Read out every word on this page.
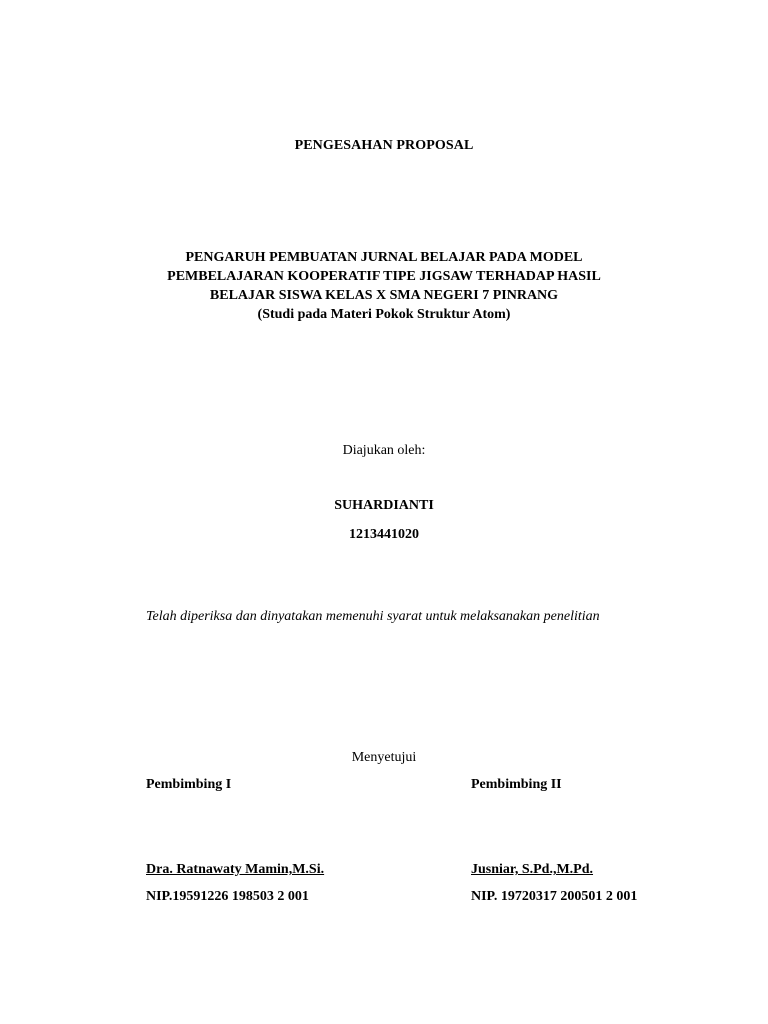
PENGESAHAN PROPOSAL
PENGARUH PEMBUATAN JURNAL BELAJAR PADA MODEL
PEMBELAJARAN KOOPERATIF TIPE JIGSAW TERHADAP HASIL
BELAJAR SISWA KELAS X SMA NEGERI 7 PINRANG
(Studi pada Materi Pokok Struktur Atom)
Diajukan oleh:
SUHARDIANTI
1213441020
Telah diperiksa dan dinyatakan memenuhi syarat untuk melaksanakan penelitian
Menyetujui
Pembimbing I	Pembimbing II
Dra. Ratnawaty Mamin,M.Si.	Jusniar, S.Pd.,M.Pd.
NIP.19591226 198503 2 001	NIP. 19720317 200501 2 001
